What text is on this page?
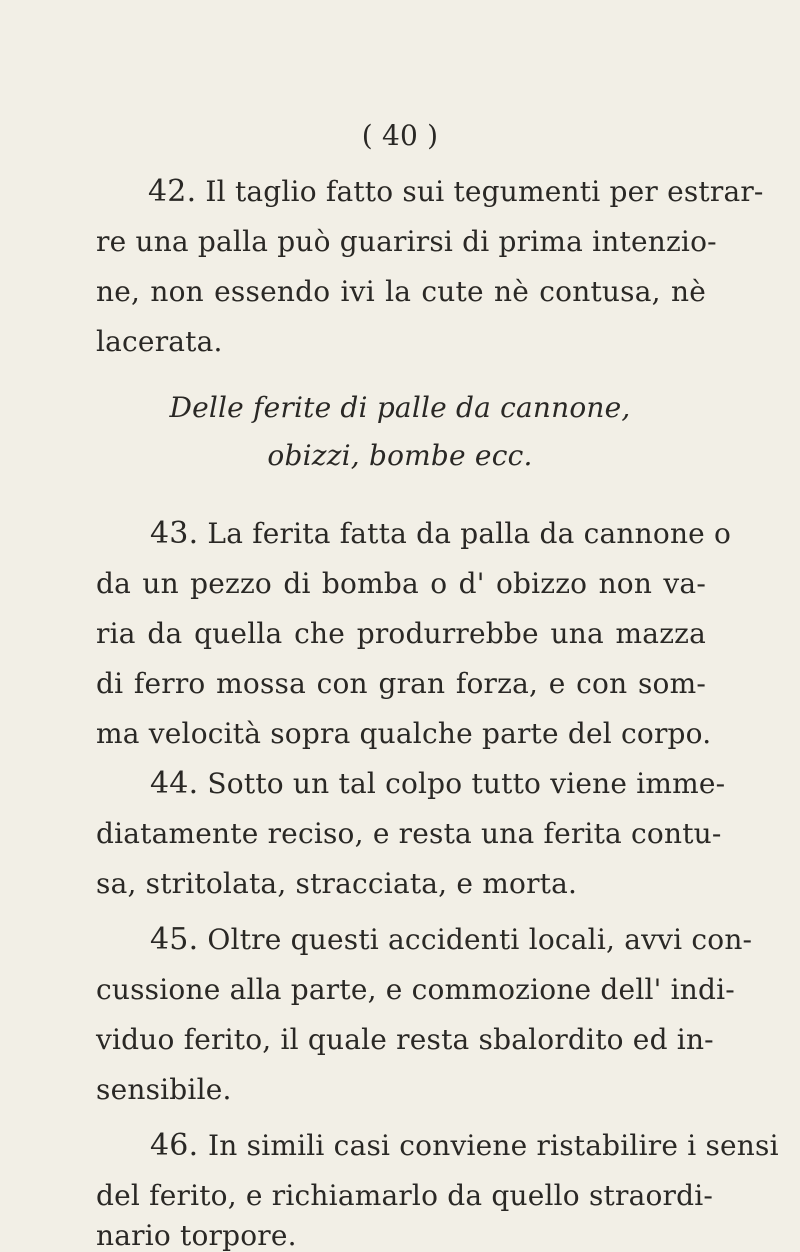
( 40 )
42. Il taglio fatto sui tegumenti per estrar-
re una palla può guarirsi di prima intenzio-
ne, non essendo ivi la cute nè contusa, nè
lacerata.
Delle ferite di palle da cannone,
obizzi, bombe ecc.
43. La ferita fatta da palla da cannone o
da un pezzo di bomba o d' obizzo non va-
ria da quella che produrrebbe una mazza
di ferro mossa con gran forza, e con som-
ma velocità sopra qualche parte del corpo.
44. Sotto un tal colpo tutto viene imme-
diatamente reciso, e resta una ferita contu-
sa, stritolata, stracciata, e morta.
45. Oltre questi accidenti locali, avvi con-
cussione alla parte, e commozione dell' indi-
viduo ferito, il quale resta sbalordito ed in-
sensibile.
46. In simili casi conviene ristabilire i sensi
del ferito, e richiamarlo da quello straordi-
nario torpore.
